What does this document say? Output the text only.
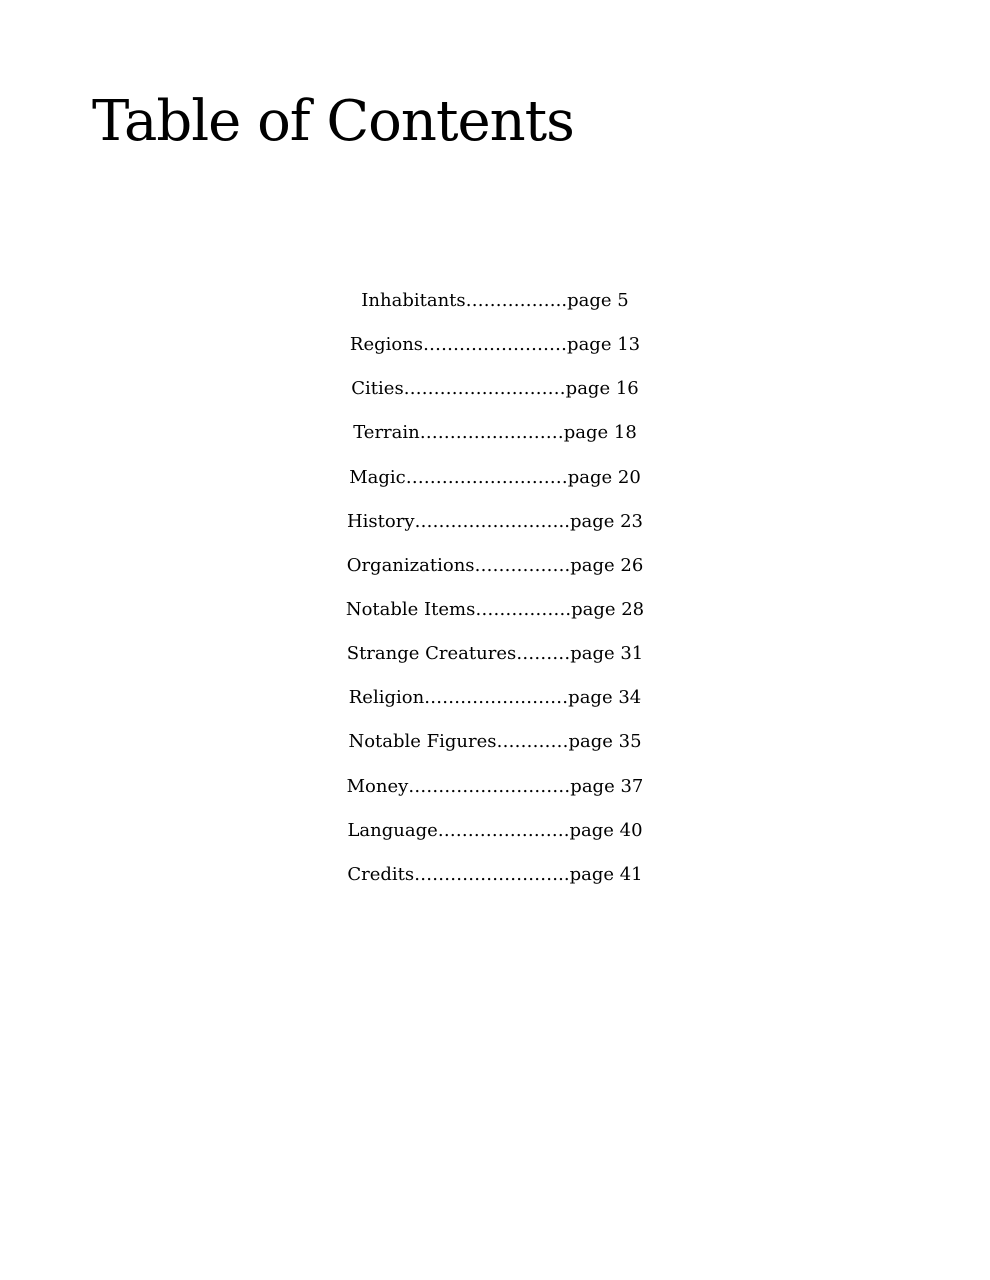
Table of Contents
Inhabitants……………..page 5
Regions……………………page 13
Cities………………………page 16
Terrain……………………page 18
Magic………………………page 20
History……………………..page 23
Organizations…………….page 26
Notable Items…………….page 28
Strange Creatures………page 31
Religion……………………page 34
Notable Figures…………page 35
Money………………………page 37
Language………………….page 40
Credits……………………..page 41
